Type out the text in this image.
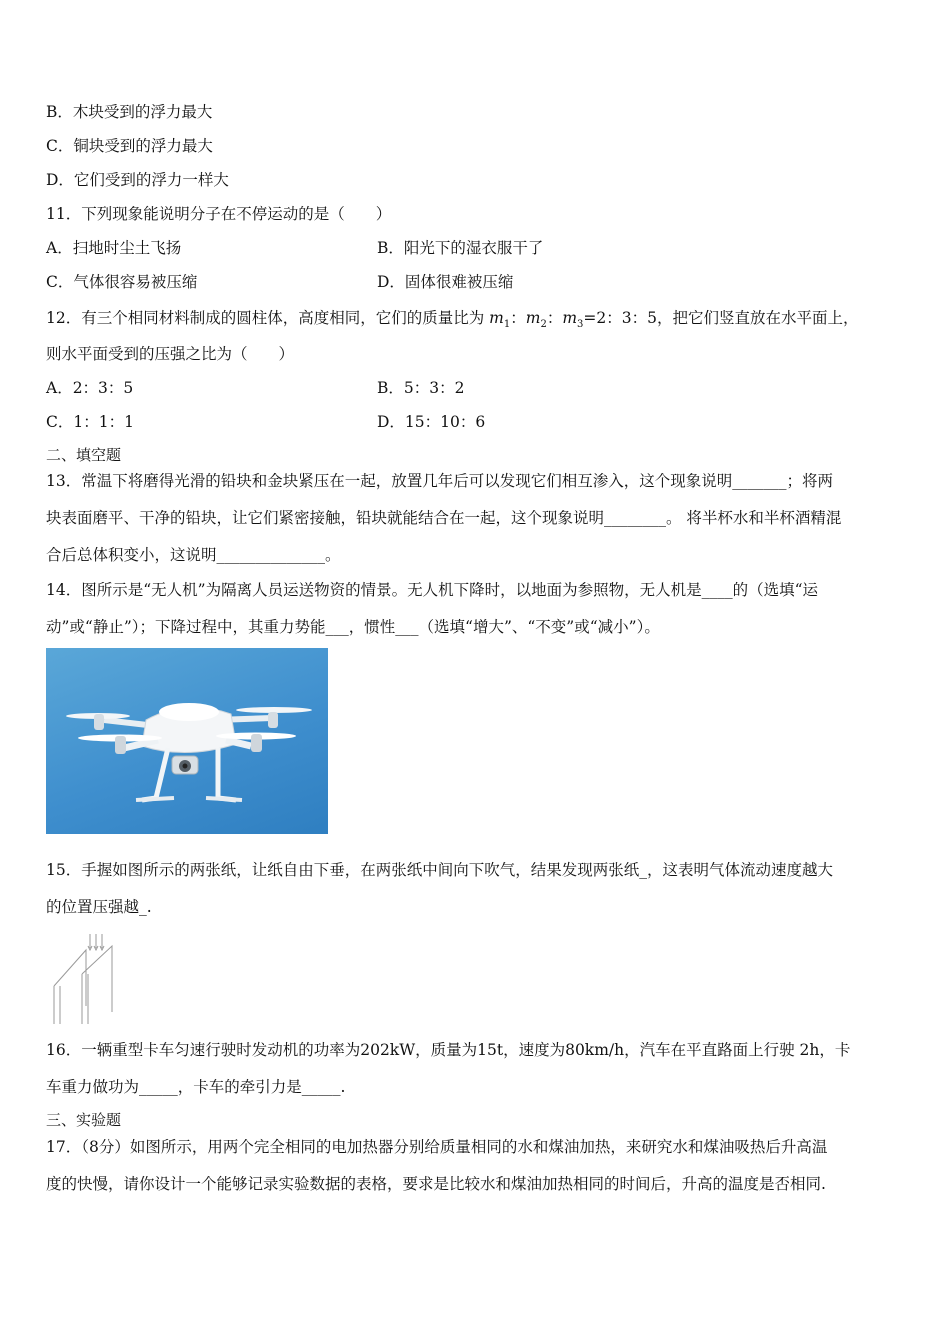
B．木块受到的浮力最大
C．铜块受到的浮力最大
D．它们受到的浮力一样大
11．下列现象能说明分子在不停运动的是（　　）
A．扫地时尘土飞扬	B．阳光下的湿衣服干了
C．气体很容易被压缩	D．固体很难被压缩
12．有三个相同材料制成的圆柱体，高度相同，它们的质量比为 $m_1$：$m_2$：$m_3=2$：3：5，把它们竖直放在水平面上，
则水平面受到的压强之比为（　　）
A．2：3：5	B．5：3：2
C．1：1：1	D．15：10：6
二、填空题
13．常温下将磨得光滑的铅块和金块紧压在一起，放置几年后可以发现它们相互渗入，这个现象说明_______；将两
块表面磨平、干净的铅块，让它们紧密接触，铅块就能结合在一起，这个现象说明________。 将半杯水和半杯酒精混
合后总体积变小，这说明______________。
14．图所示是“无人机”为隔离人员运送物资的情景。无人机下降时，以地面为参照物，无人机是____的（选填“运
动”或“静止”）；下降过程中，其重力势能___，惯性___（选填“增大”、“不变”或“减小”）。
15．手握如图所示的两张纸，让纸自由下垂，在两张纸中间向下吹气，结果发现两张纸_，这表明气体流动速度越大
的位置压强越_.
16．一辆重型卡车匀速行驶时发动机的功率为202kW，质量为15t，速度为80km/h，汽车在平直路面上行驶 2h，卡
车重力做功为_____，卡车的牵引力是_____.
三、实验题
17．（8分）如图所示，用两个完全相同的电加热器分别给质量相同的水和煤油加热，来研究水和煤油吸热后升高温
度的快慢，请你设计一个能够记录实验数据的表格，要求是比较水和煤油加热相同的时间后，升高的温度是否相同.
